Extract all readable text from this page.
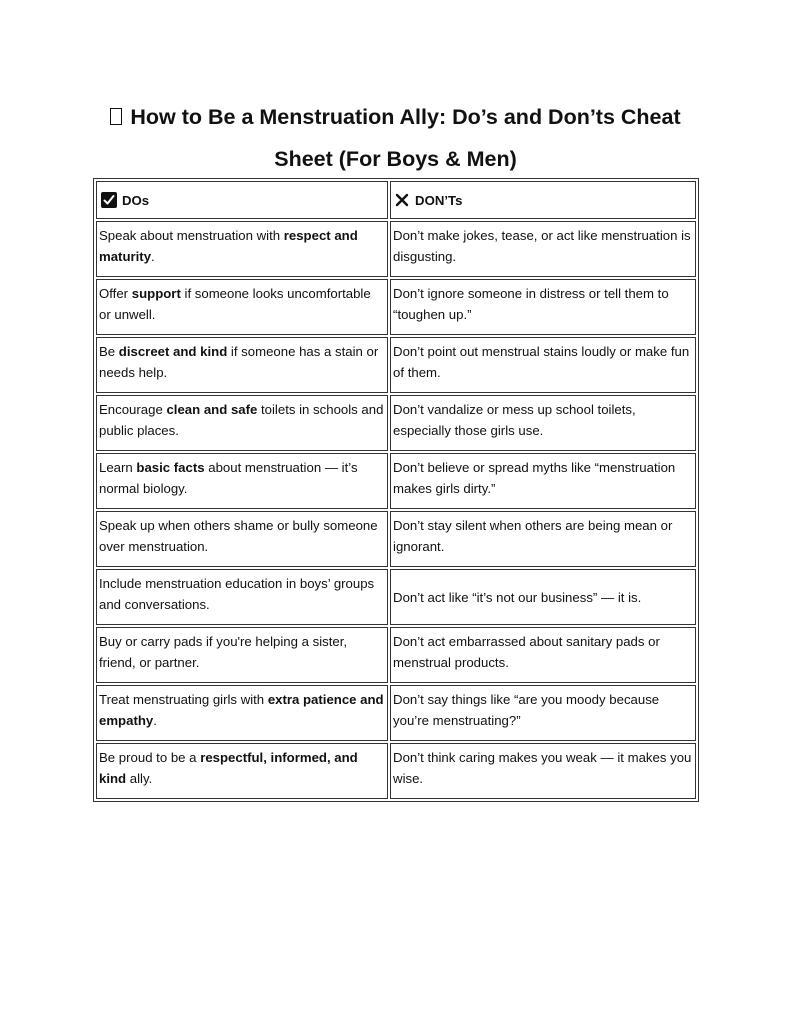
How to Be a Menstruation Ally: Do’s and Don’ts Cheat
Sheet (For Boys & Men)
DOs	DON’Ts
Speak about menstruation with respect and maturity.	Don’t make jokes, tease, or act like menstruation is disgusting.
Offer support if someone looks uncomfortable or unwell.	Don’t ignore someone in distress or tell them to “toughen up.”
Be discreet and kind if someone has a stain or needs help.	Don’t point out menstrual stains loudly or make fun of them.
Encourage clean and safe toilets in schools and public places.	Don’t vandalize or mess up school toilets, especially those girls use.
Learn basic facts about menstruation — it’s normal biology.	Don’t believe or spread myths like “menstruation makes girls dirty.”
Speak up when others shame or bully someone over menstruation.	Don’t stay silent when others are being mean or ignorant.
Include menstruation education in boys’ groups and conversations.	Don’t act like “it’s not our business” — it is.
Buy or carry pads if you're helping a sister, friend, or partner.	Don’t act embarrassed about sanitary pads or menstrual products.
Treat menstruating girls with extra patience and empathy.	Don’t say things like “are you moody because you’re menstruating?”
Be proud to be a respectful, informed, and kind ally.	Don’t think caring makes you weak — it makes you wise.
